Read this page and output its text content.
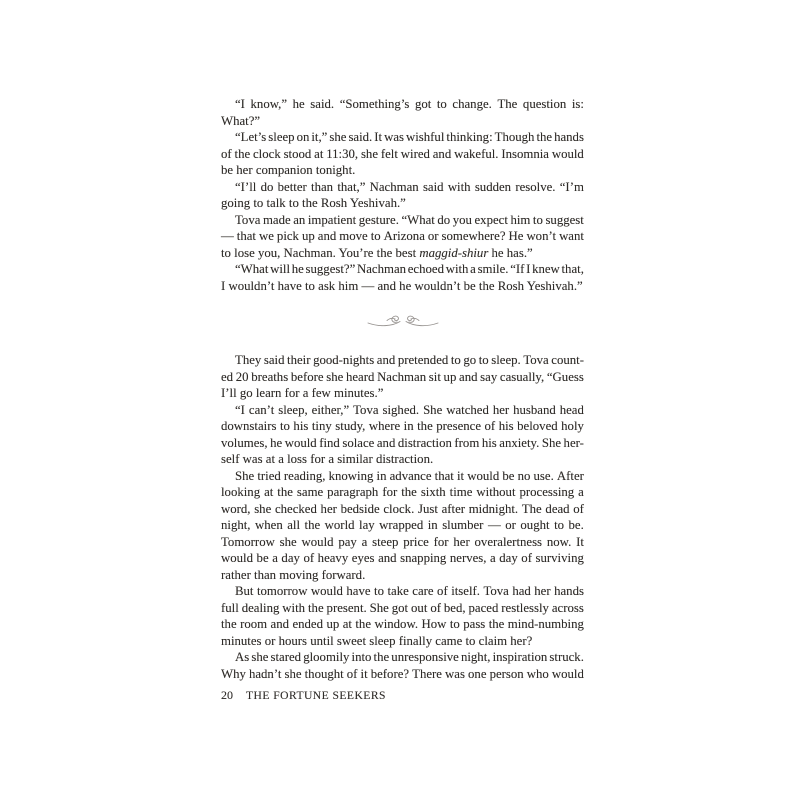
“I know,” he said. “Something’s got to change. The question is:
What?”
“Let’s sleep on it,” she said. It was wishful thinking: Though the hands
of the clock stood at 11:30, she felt wired and wakeful. Insomnia would
be her companion tonight.
“I’ll do better than that,” Nachman said with sudden resolve. “I’m
going to talk to the Rosh Yeshivah.”
Tova made an impatient gesture. “What do you expect him to suggest
— that we pick up and move to Arizona or somewhere? He won’t want
to lose you, Nachman. You’re the best maggid-shiur he has.”
“What will he suggest?” Nachman echoed with a smile. “If I knew that,
I wouldn’t have to ask him — and he wouldn’t be the Rosh Yeshivah.”
They said their good-nights and pretended to go to sleep. Tova count-
ed 20 breaths before she heard Nachman sit up and say casually, “Guess
I’ll go learn for a few minutes.”
“I can’t sleep, either,” Tova sighed. She watched her husband head
downstairs to his tiny study, where in the presence of his beloved holy
volumes, he would find solace and distraction from his anxiety. She her-
self was at a loss for a similar distraction.
She tried reading, knowing in advance that it would be no use. After
looking at the same paragraph for the sixth time without processing a
word, she checked her bedside clock. Just after midnight. The dead of
night, when all the world lay wrapped in slumber — or ought to be.
Tomorrow she would pay a steep price for her overalertness now. It
would be a day of heavy eyes and snapping nerves, a day of surviving
rather than moving forward.
But tomorrow would have to take care of itself. Tova had her hands
full dealing with the present. She got out of bed, paced restlessly across
the room and ended up at the window. How to pass the mind-numbing
minutes or hours until sweet sleep finally came to claim her?
As she stared gloomily into the unresponsive night, inspiration struck.
Why hadn’t she thought of it before? There was one person who would
20 THE FORTUNE SEEKERS
